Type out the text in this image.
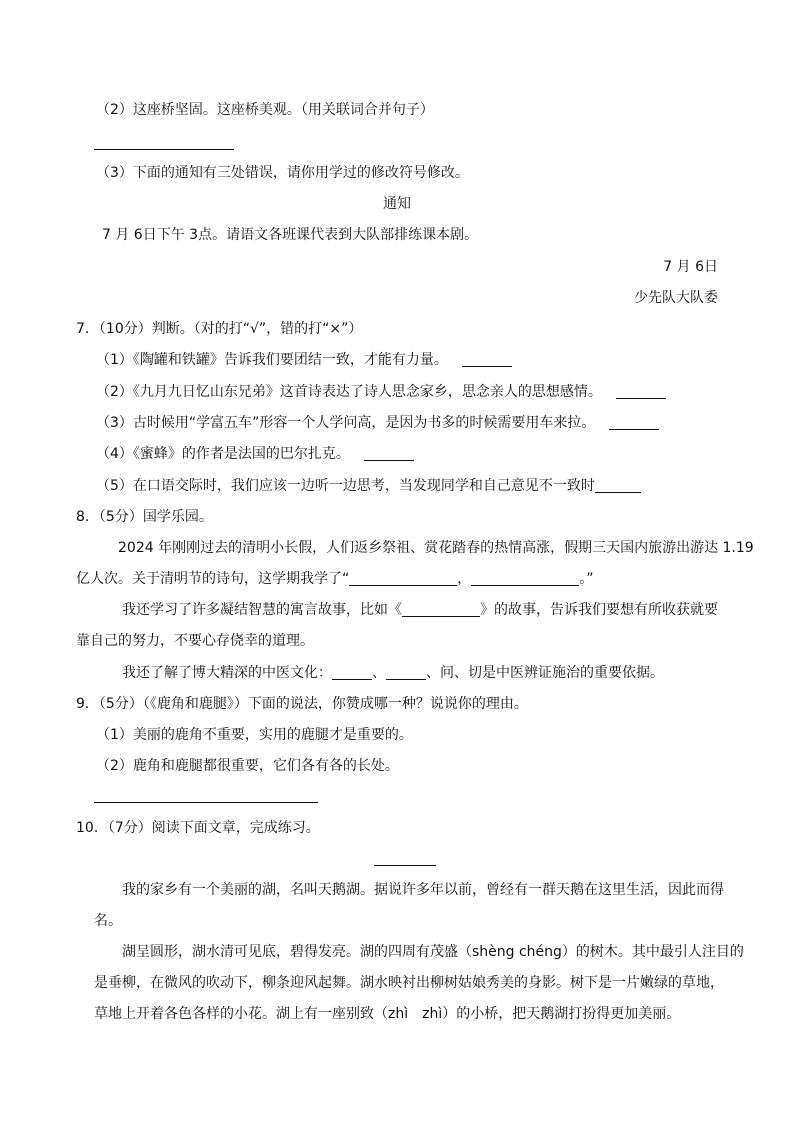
（2）这座桥坚固。这座桥美观。（用关联词合并句子）
（3）下面的通知有三处错误，请你用学过的修改符号修改。
通知
7 月 6日下午 3点。请语文各班课代表到大队部排练课本剧。
7 月 6日
少先队大队委
7．（10分）判断。（对的打“√”，错的打“×”）
（1）《陶罐和铁罐》告诉我们要团结一致，才能有力量。
（2）《九月九日忆山东兄弟》这首诗表达了诗人思念家乡，思念亲人的思想感情。
（3）古时候用“学富五车”形容一个人学问高，是因为书多的时候需要用车来拉。
（4）《蜜蜂》的作者是法国的巴尔扎克。
（5）在口语交际时，我们应该一边听一边思考，当发现同学和自己意见不一致时
8．（5分）国学乐园。
2024 年刚刚过去的清明小长假，人们返乡祭祖、赏花踏春的热情高涨，假期三天国内旅游出游达 1.19
亿人次。关于清明节的诗句，这学期我学了“	，	。”
我还学习了许多凝结智慧的寓言故事，比如《	》的故事，告诉我们要想有所收获就要
靠自己的努力，不要心存侥幸的道理。
我还了解了博大精深的中医文化：	、	、问、切是中医辨证施治的重要依据。
9．（5分）（《鹿角和鹿腿》）下面的说法，你赞成哪一种？说说你的理由。
（1）美丽的鹿角不重要，实用的鹿腿才是重要的。
（2）鹿角和鹿腿都很重要，它们各有各的长处。
10．（7分）阅读下面文章，完成练习。
我的家乡有一个美丽的湖，名叫天鹅湖。据说许多年以前，曾经有一群天鹅在这里生活，因此而得
名。
湖呈圆形，湖水清可见底，碧得发亮。湖的四周有茂盛（shèng chéng）的树木。其中最引人注目的
是垂柳，在微风的吹动下，柳条迎风起舞。湖水映衬出柳树姑娘秀美的身影。树下是一片嫩绿的草地，
草地上开着各色各样的小花。湖上有一座别致（zhì　zhì）的小桥，把天鹅湖打扮得更加美丽。
